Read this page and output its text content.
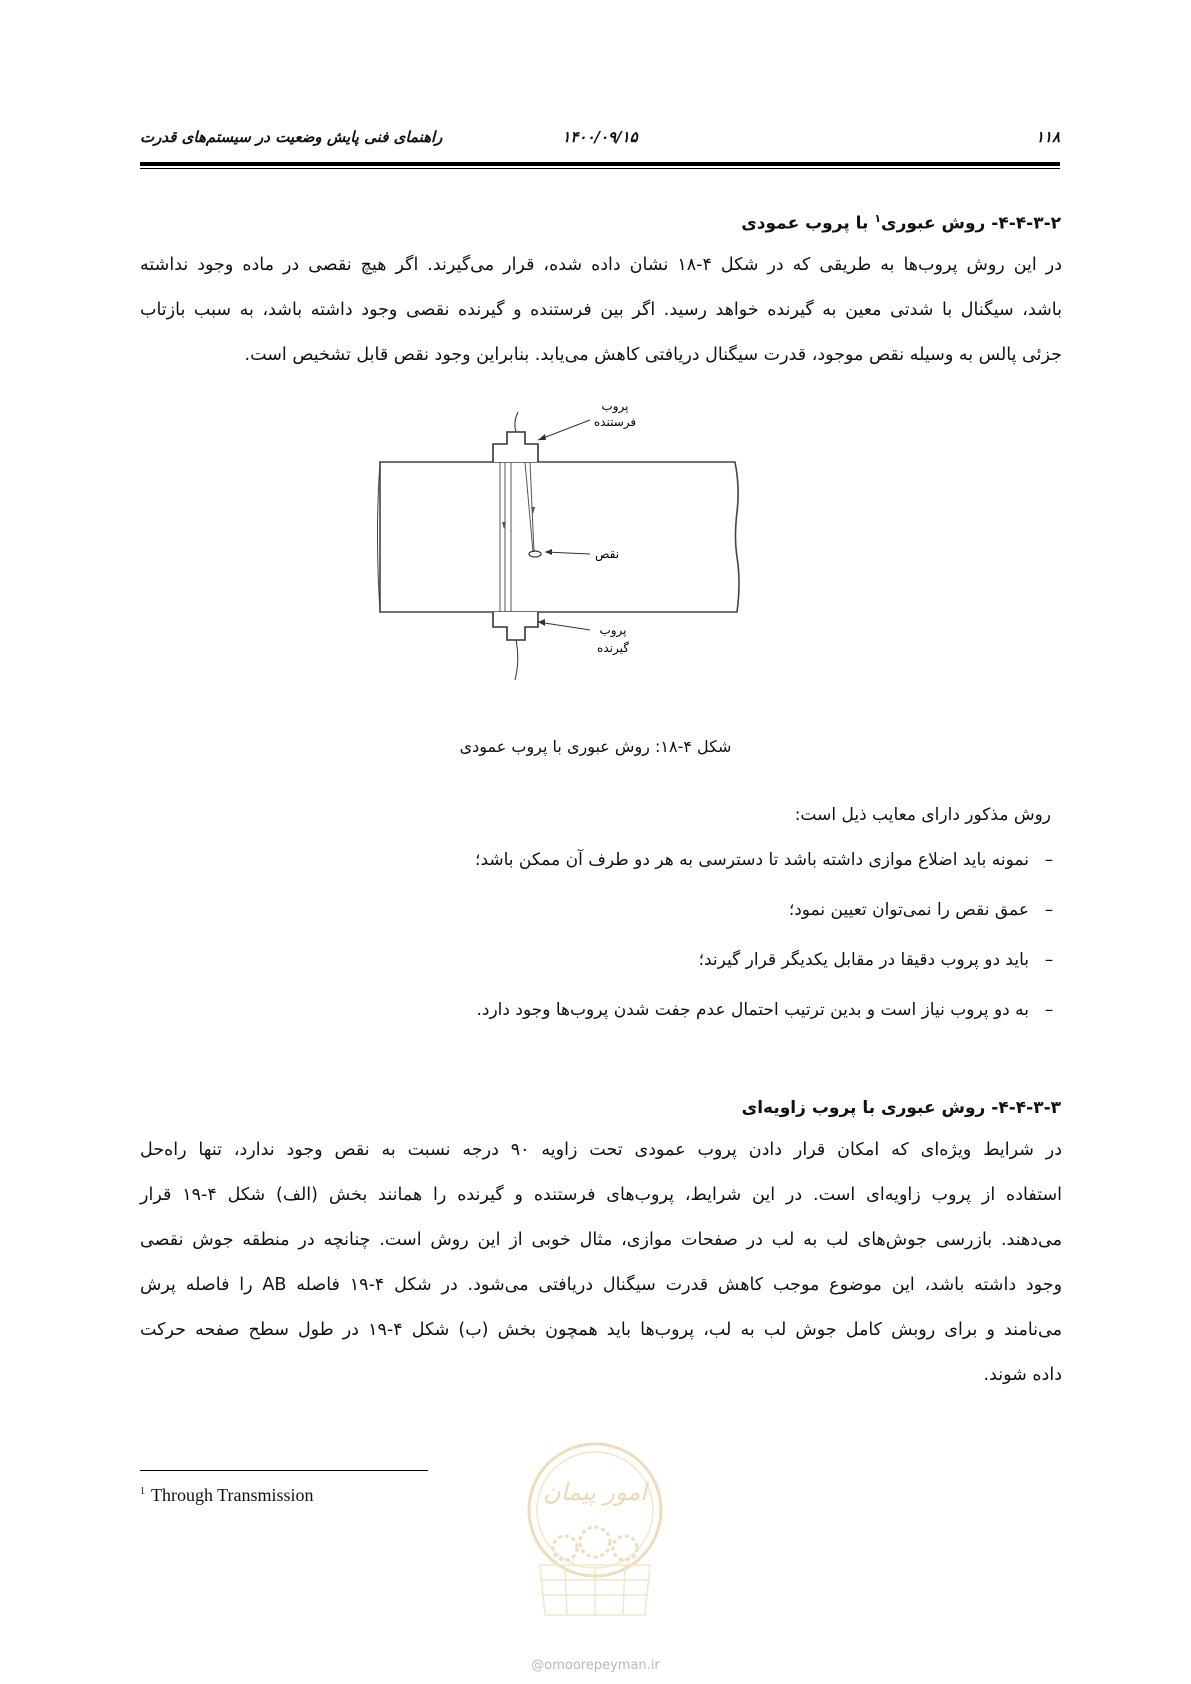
۱۱۸
۱۴۰۰/۰۹/۱۵
راهنمای فنی پایش وضعیت در سیستم‌های قدرت
۴-۴-۳-۲- روش عبوری$^۱$ با پروب عمودی
در این روش پروب‌ها به طریقی که در شکل ۴-۱۸ نشان داده شده، قرار می‌گیرند. اگر هیچ نقصی در ماده وجود نداشته
باشد، سیگنال با شدتی معین به گیرنده خواهد رسید. اگر بین فرستنده و گیرنده نقصی وجود داشته باشد، به سبب بازتاب
جزئی پالس به وسیله نقص موجود، قدرت سیگنال دریافتی کاهش می‌یابد. بنابراین وجود نقص قابل تشخیص است.
پروب
فرستنده
نقص
پروب
گیرنده
شکل ۴-۱۸: روش عبوری با پروب عمودی
روش مذکور دارای معایب ذیل است:
–نمونه باید اضلاع موازی داشته باشد تا دسترسی به هر دو طرف آن ممکن باشد؛
–عمق نقص را نمی‌توان تعیین نمود؛
–باید دو پروب دقیقا در مقابل یکدیگر قرار گیرند؛
–به دو پروب نیاز است و بدین ترتیب احتمال عدم جفت شدن پروب‌ها وجود دارد.
۴-۴-۳-۳- روش عبوری با پروب زاویه‌ای
در شرایط ویژه‌ای که امکان قرار دادن پروب عمودی تحت زاویه ۹۰ درجه نسبت به نقص وجود ندارد، تنها راه‌حل
استفاده از پروب زاویه‌ای است. در این شرایط، پروب‌های فرستنده و گیرنده را همانند بخش (الف) شکل ۴-۱۹ قرار
می‌دهند. بازرسی جوش‌های لب به لب در صفحات موازی، مثال خوبی از این روش است. چنانچه در منطقه جوش نقصی
وجود داشته باشد، این موضوع موجب کاهش قدرت سیگنال دریافتی می‌شود. در شکل ۴-۱۹ فاصله AB را فاصله پرش
می‌نامند و برای روبش کامل جوش لب به لب، پروب‌ها باید همچون بخش (ب) شکل ۴-۱۹ در طول سطح صفحه حرکت
داده شوند.
$^1$ Through Transmission	امور پیمان
@omoorepeyman.ir
